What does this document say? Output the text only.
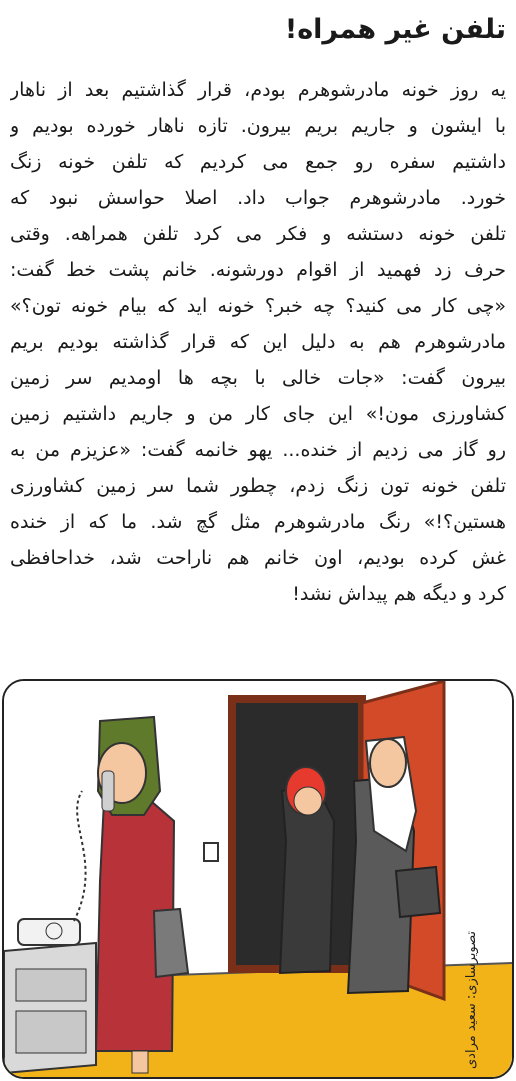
تلفن غیر همراه!
یه روز خونه مادرشوهرم بودم، قرار گذاشتیم بعد از ناهار
با ایشون و جاریم بریم بیرون. تازه ناهار خورده بودیم و
داشتیم سفره رو جمع می کردیم که تلفن خونه زنگ
خورد. مادرشوهرم جواب داد. اصلا حواسش نبود که
تلفن خونه دستشه و فکر می کرد تلفن همراهه. وقتی
حرف زد فهمید از اقوام دورشونه. خانم پشت خط گفت:
«چی کار می کنید؟ چه خبر؟ خونه اید که بیام خونه تون؟»
مادرشوهرم هم به دلیل این که قرار گذاشته بودیم بریم
بیرون گفت: «جات خالی با بچه ها اومدیم سر زمین
کشاورزی مون!» این جای کار من و جاریم داشتیم زمین
رو گاز می زدیم از خنده... یهو خانمه گفت: «عزیزم من به
تلفن خونه تون زنگ زدم، چطور شما سر زمین کشاورزی
هستین؟!» رنگ مادرشوهرم مثل گچ شد. ما که از خنده
غش کرده بودیم، اون خانم هم ناراحت شد، خداحافظی
کرد و دیگه هم پیداش نشد!
تصویرسازی: سعید مرادی
